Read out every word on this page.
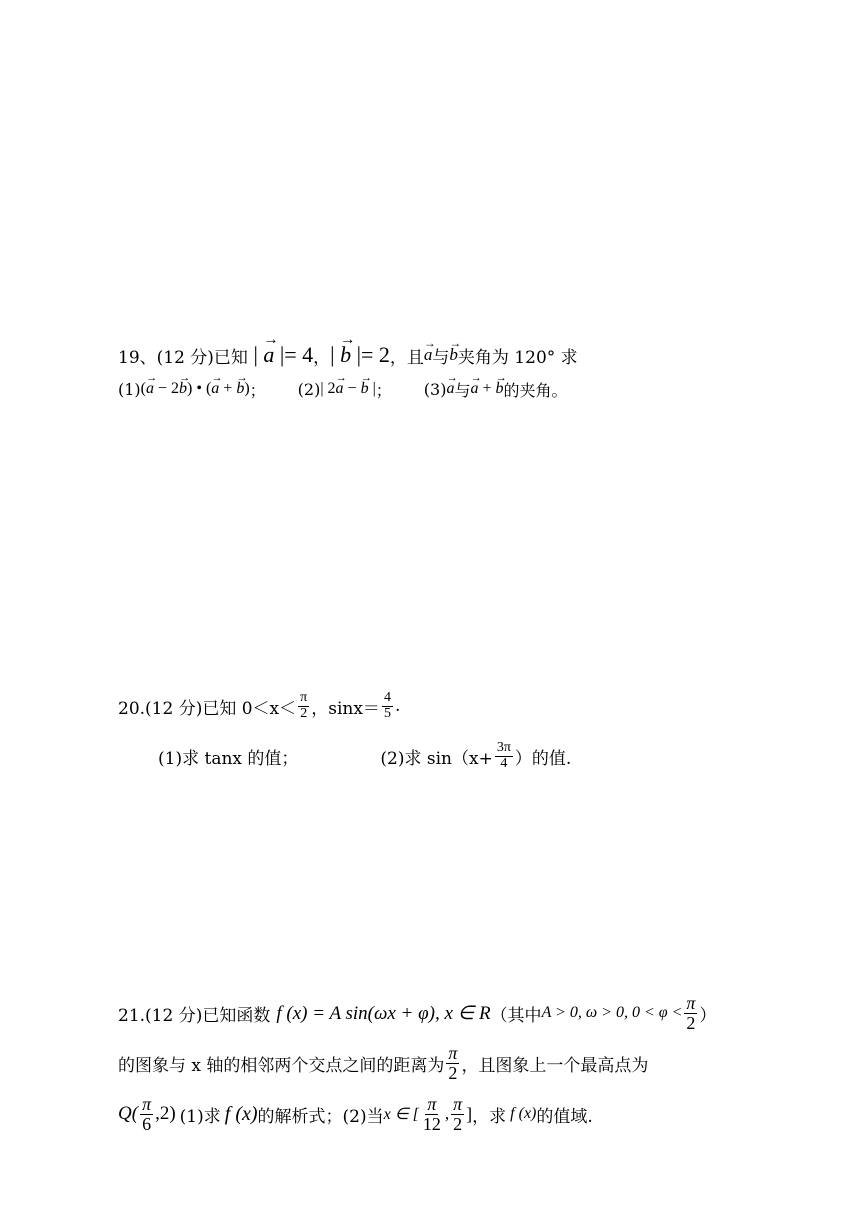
19、(12 分)已知 | → a |= 4 ， | → b |= 2 ，且 → a 与 → b 夹角为 120° 求
(1) (→ a − 2→ b) • (→ a + → b) ； (2) | 2→ a − → b | ； (3) → a 与 → a + → b 的夹角。
20.(12 分)已知 $0<x< \frac{\pi}{2}$ ，$\sin x= \frac{4}{5}$ .
(1)求 tanx 的值；	(2)求 $\sin(x+ \frac{3\pi}{4}$ ）的值.
21.(12 分)已知函数 f (x) = A sin(ωx + φ), x ∈ R （其中 A > 0, ω > 0, $0 < \varphi < \frac{\pi}{2}$ ）
的图象与 x 轴的相邻两个交点之间的距离为 $\frac{\pi}{2}$ ，且图象上一个最高点为
$Q( \frac{\pi}{6} ,2)$ (1)求 f (x) 的解析式；(2)当 x ∈ [ $\frac{\pi}{12}$ , $\frac{\pi}{2}$ ] ，求 f (x) 的值域.
